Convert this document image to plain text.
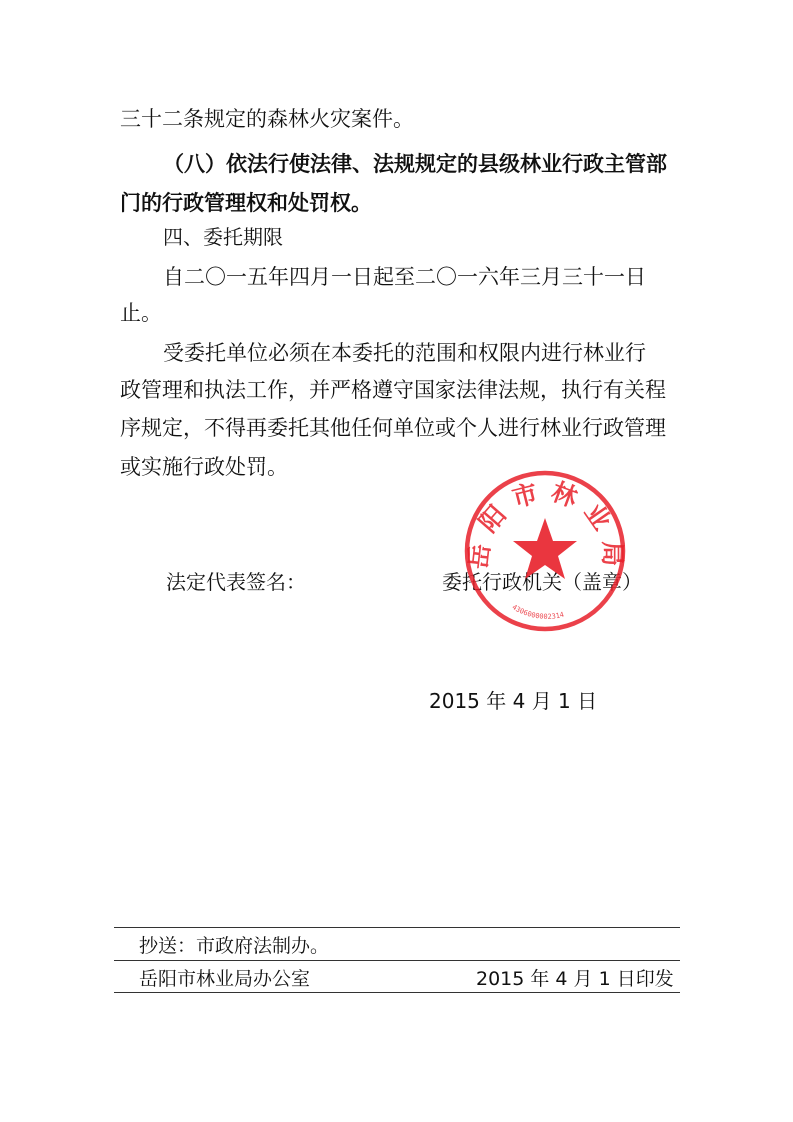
三十二条规定的森林火灾案件。
（八）依法行使法律、法规规定的县级林业行政主管部
门的行政管理权和处罚权。
四、委托期限
自二〇一五年四月一日起至二〇一六年三月三十一日
止。
受委托单位必须在本委托的范围和权限内进行林业行
政管理和执法工作，并严格遵守国家法律法规，执行有关程
序规定，不得再委托其他任何单位或个人进行林业行政管理
或实施行政处罚。
法定代表签名：	委托行政机关（盖章）
岳阳市林业局
4306000002314
2015 年 4 月 1 日
抄送：市政府法制办。
岳阳市林业局办公室	2015 年 4 月 1 日印发
